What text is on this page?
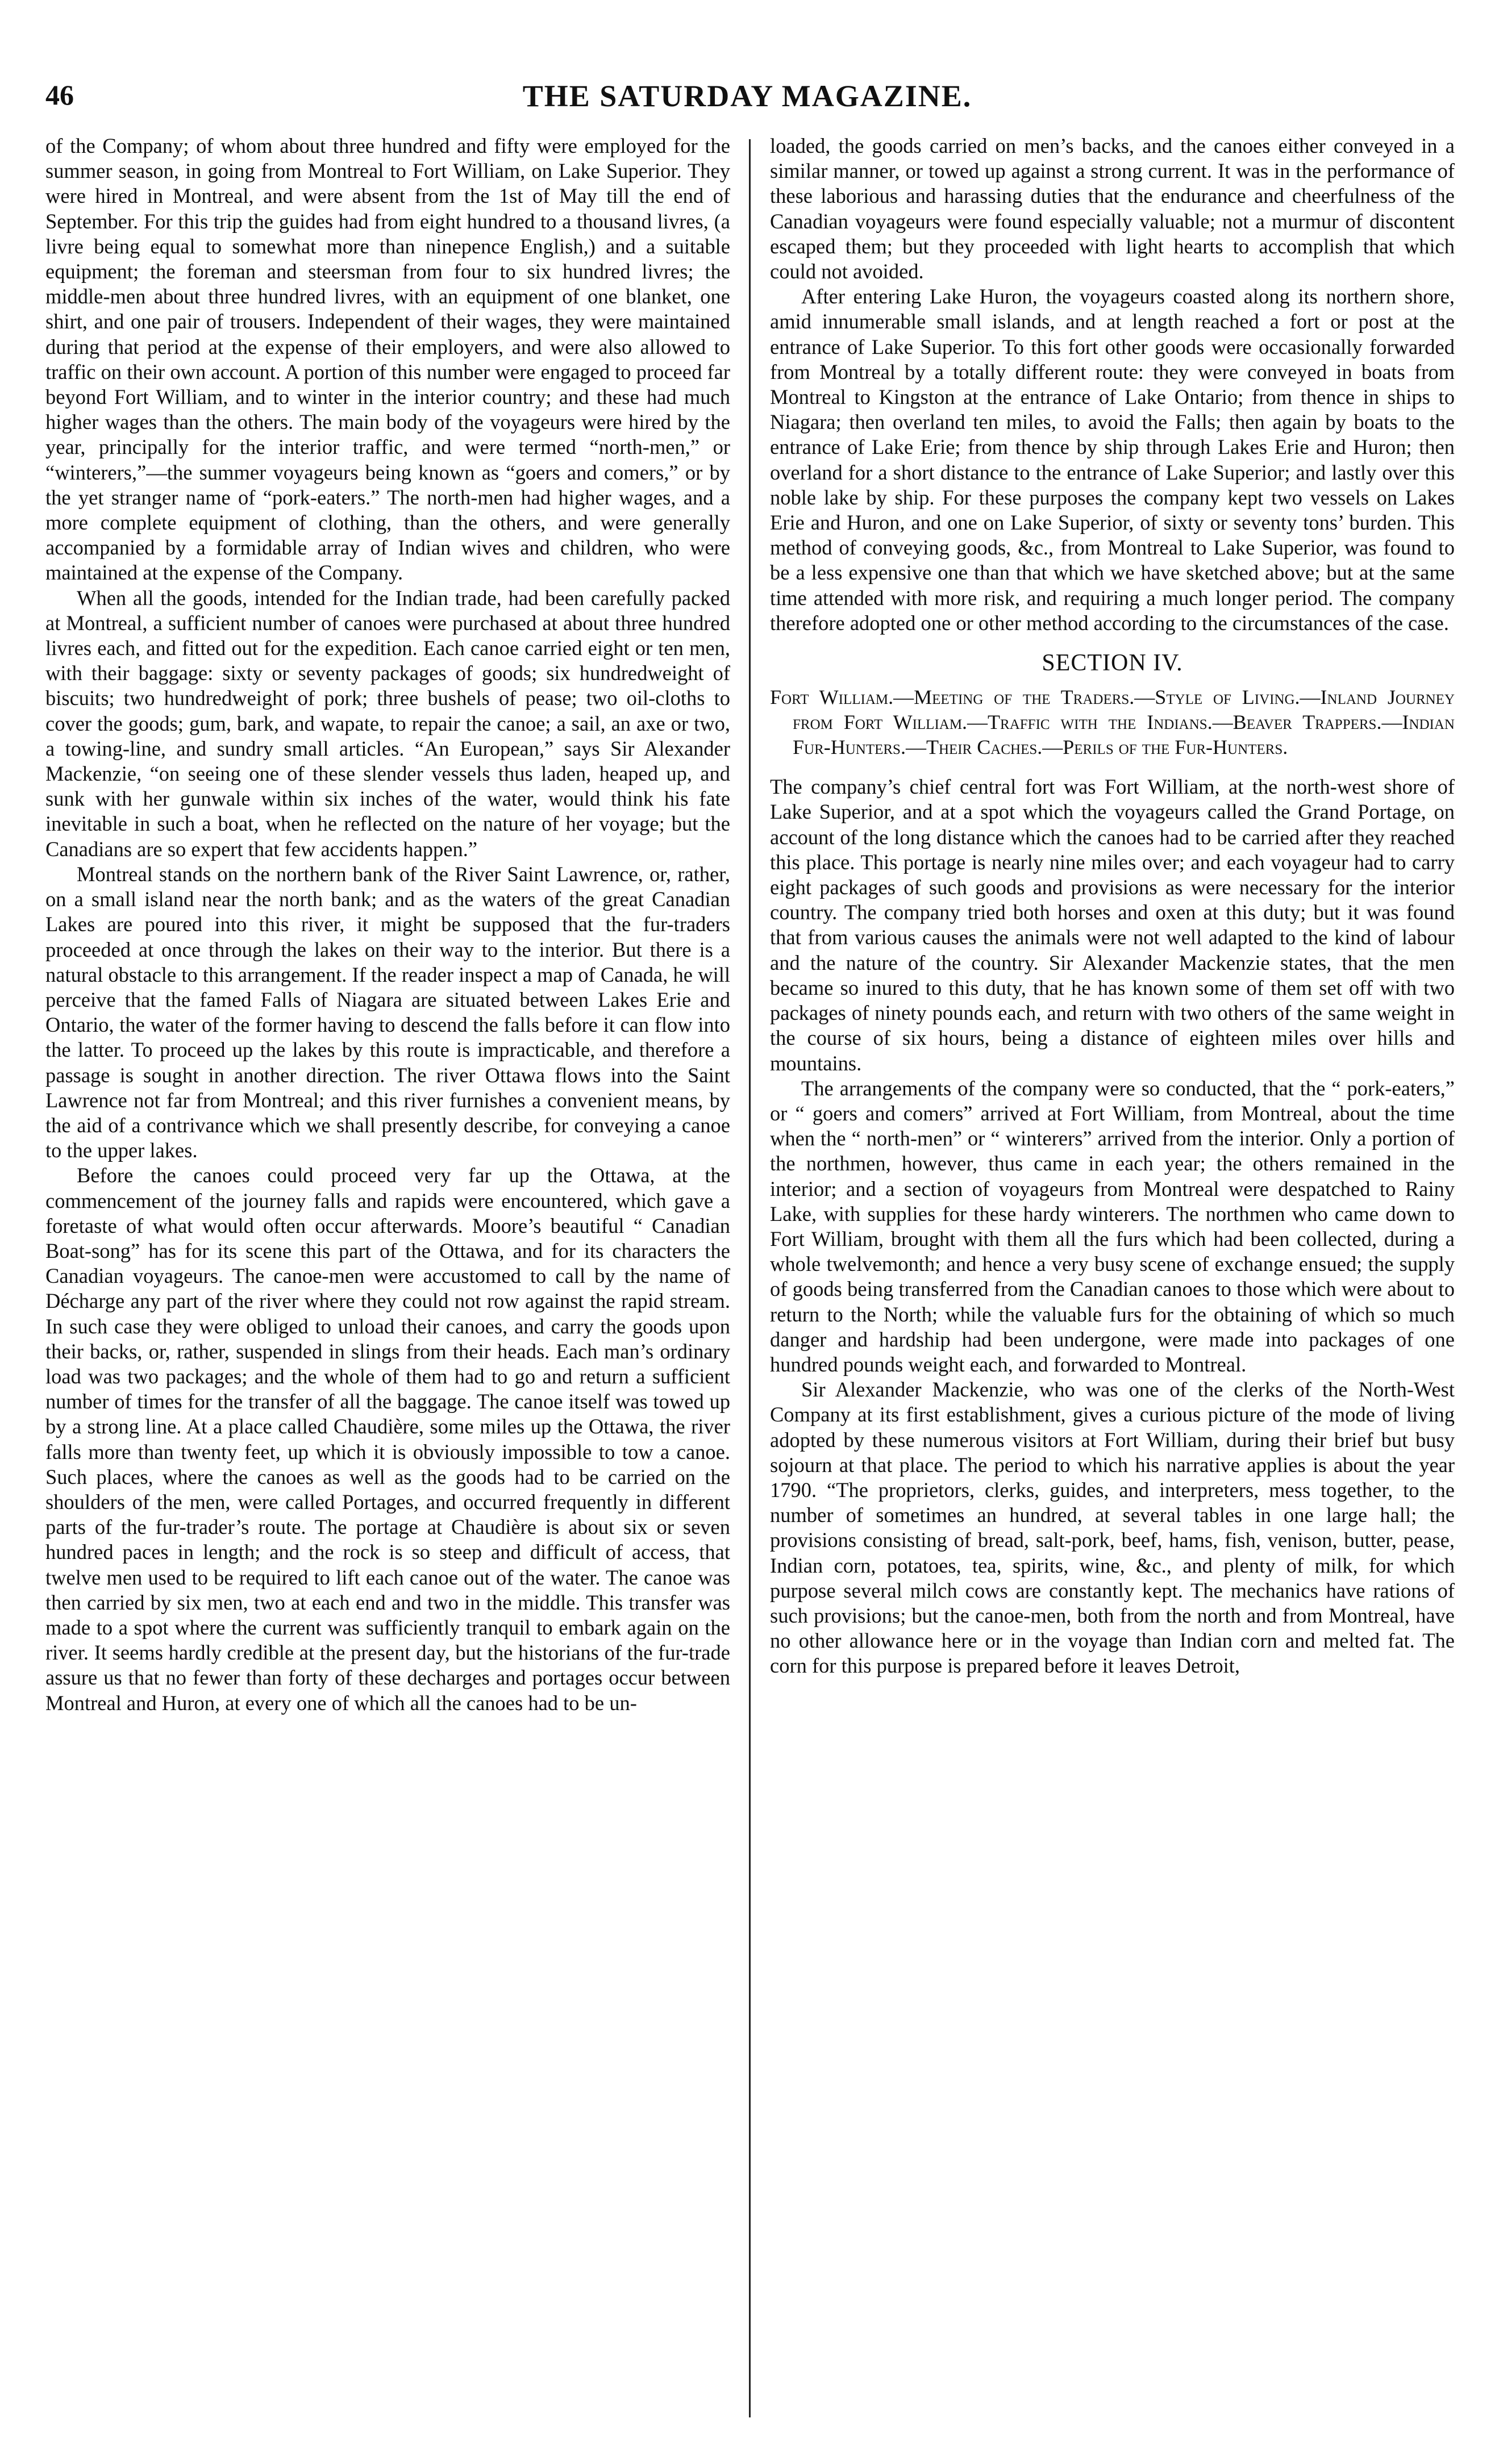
46	THE SATURDAY MAGAZINE.

of the Company; of whom about three hundred and fifty were employed for the summer season, in going from Montreal to Fort William, on Lake Superior. They were hired in Montreal, and were absent from the 1st of May till the end of September. For this trip the guides had from eight hundred to a thousand livres, (a livre being equal to somewhat more than ninepence English,) and a suitable equipment; the foreman and steersman from four to six hundred livres; the middle-men about three hundred livres, with an equipment of one blanket, one shirt, and one pair of trousers. Independent of their wages, they were maintained during that period at the expense of their employers, and were also allowed to traffic on their own account. A portion of this number were engaged to proceed far beyond Fort William, and to winter in the interior country; and these had much higher wages than the others. The main body of the voyageurs were hired by the year, principally for the interior traffic, and were termed “north-men,” or “winterers,”—the summer voyageurs being known as “goers and comers,” or by the yet stranger name of “pork-eaters.” The north-men had higher wages, and a more complete equipment of clothing, than the others, and were generally accompanied by a formidable array of Indian wives and children, who were maintained at the expense of the Company.

When all the goods, intended for the Indian trade, had been carefully packed at Montreal, a sufficient number of canoes were purchased at about three hundred livres each, and fitted out for the expedition. Each canoe carried eight or ten men, with their baggage: sixty or seventy packages of goods; six hundredweight of biscuits; two hundredweight of pork; three bushels of pease; two oil-cloths to cover the goods; gum, bark, and wapate, to repair the canoe; a sail, an axe or two, a towing-line, and sundry small articles. “An European,” says Sir Alexander Mackenzie, “on seeing one of these slender vessels thus laden, heaped up, and sunk with her gunwale within six inches of the water, would think his fate inevitable in such a boat, when he reflected on the nature of her voyage; but the Canadians are so expert that few accidents happen.”

Montreal stands on the northern bank of the River Saint Lawrence, or, rather, on a small island near the north bank; and as the waters of the great Canadian Lakes are poured into this river, it might be supposed that the fur-traders proceeded at once through the lakes on their way to the interior. But there is a natural obstacle to this arrangement. If the reader inspect a map of Canada, he will perceive that the famed Falls of Niagara are situated between Lakes Erie and Ontario, the water of the former having to descend the falls before it can flow into the latter. To proceed up the lakes by this route is impracticable, and therefore a passage is sought in another direction. The river Ottawa flows into the Saint Lawrence not far from Montreal; and this river furnishes a convenient means, by the aid of a contrivance which we shall presently describe, for conveying a canoe to the upper lakes.

Before the canoes could proceed very far up the Ottawa, at the commencement of the journey falls and rapids were encountered, which gave a foretaste of what would often occur afterwards. Moore’s beautiful “ Canadian Boat-song” has for its scene this part of the Ottawa, and for its characters the Canadian voyageurs. The canoe-men were accustomed to call by the name of Décharge any part of the river where they could not row against the rapid stream. In such case they were obliged to unload their canoes, and carry the goods upon their backs, or, rather, suspended in slings from their heads. Each man’s ordinary load was two packages; and the whole of them had to go and return a sufficient number of times for the transfer of all the baggage. The canoe itself was towed up by a strong line. At a place called Chaudière, some miles up the Ottawa, the river falls more than twenty feet, up which it is obviously impossible to tow a canoe. Such places, where the canoes as well as the goods had to be carried on the shoulders of the men, were called Portages, and occurred frequently in different parts of the fur-trader’s route. The portage at Chaudière is about six or seven hundred paces in length; and the rock is so steep and difficult of access, that twelve men used to be required to lift each canoe out of the water. The canoe was then carried by six men, two at each end and two in the middle. This transfer was made to a spot where the current was sufficiently tranquil to embark again on the river. It seems hardly credible at the present day, but the historians of the fur-trade assure us that no fewer than forty of these decharges and portages occur between Montreal and Huron, at every one of which all the canoes had to be un-

loaded, the goods carried on men’s backs, and the canoes either conveyed in a similar manner, or towed up against a strong current. It was in the performance of these laborious and harassing duties that the endurance and cheerfulness of the Canadian voyageurs were found especially valuable; not a murmur of discontent escaped them; but they proceeded with light hearts to accomplish that which could not avoided.

After entering Lake Huron, the voyageurs coasted along its northern shore, amid innumerable small islands, and at length reached a fort or post at the entrance of Lake Superior. To this fort other goods were occasionally forwarded from Montreal by a totally different route: they were conveyed in boats from Montreal to Kingston at the entrance of Lake Ontario; from thence in ships to Niagara; then overland ten miles, to avoid the Falls; then again by boats to the entrance of Lake Erie; from thence by ship through Lakes Erie and Huron; then overland for a short distance to the entrance of Lake Superior; and lastly over this noble lake by ship. For these purposes the company kept two vessels on Lakes Erie and Huron, and one on Lake Superior, of sixty or seventy tons’ burden. This method of conveying goods, &c., from Montreal to Lake Superior, was found to be a less expensive one than that which we have sketched above; but at the same time attended with more risk, and requiring a much longer period. The company therefore adopted one or other method according to the circumstances of the case.

SECTION IV.
Fort William.—Meeting of the Traders.—Style of Living.—Inland Journey from Fort William.—Traffic with the Indians.—Beaver Trappers.—Indian Fur-Hunters.—Their Caches.—Perils of the Fur-Hunters.

The company’s chief central fort was Fort William, at the north-west shore of Lake Superior, and at a spot which the voyageurs called the Grand Portage, on account of the long distance which the canoes had to be carried after they reached this place. This portage is nearly nine miles over; and each voyageur had to carry eight packages of such goods and provisions as were necessary for the interior country. The company tried both horses and oxen at this duty; but it was found that from various causes the animals were not well adapted to the kind of labour and the nature of the country. Sir Alexander Mackenzie states, that the men became so inured to this duty, that he has known some of them set off with two packages of ninety pounds each, and return with two others of the same weight in the course of six hours, being a distance of eighteen miles over hills and mountains.

The arrangements of the company were so conducted, that the “ pork-eaters,” or “ goers and comers” arrived at Fort William, from Montreal, about the time when the “ north-men” or “ winterers” arrived from the interior. Only a portion of the northmen, however, thus came in each year; the others remained in the interior; and a section of voyageurs from Montreal were despatched to Rainy Lake, with supplies for these hardy winterers. The northmen who came down to Fort William, brought with them all the furs which had been collected, during a whole twelvemonth; and hence a very busy scene of exchange ensued; the supply of goods being transferred from the Canadian canoes to those which were about to return to the North; while the valuable furs for the obtaining of which so much danger and hardship had been undergone, were made into packages of one hundred pounds weight each, and forwarded to Montreal.

Sir Alexander Mackenzie, who was one of the clerks of the North-West Company at its first establishment, gives a curious picture of the mode of living adopted by these numerous visitors at Fort William, during their brief but busy sojourn at that place. The period to which his narrative applies is about the year 1790. “The proprietors, clerks, guides, and interpreters, mess together, to the number of sometimes an hundred, at several tables in one large hall; the provisions consisting of bread, salt-pork, beef, hams, fish, venison, butter, pease, Indian corn, potatoes, tea, spirits, wine, &c., and plenty of milk, for which purpose several milch cows are constantly kept. The mechanics have rations of such provisions; but the canoe-men, both from the north and from Montreal, have no other allowance here or in the voyage than Indian corn and melted fat. The corn for this purpose is prepared before it leaves Detroit,
